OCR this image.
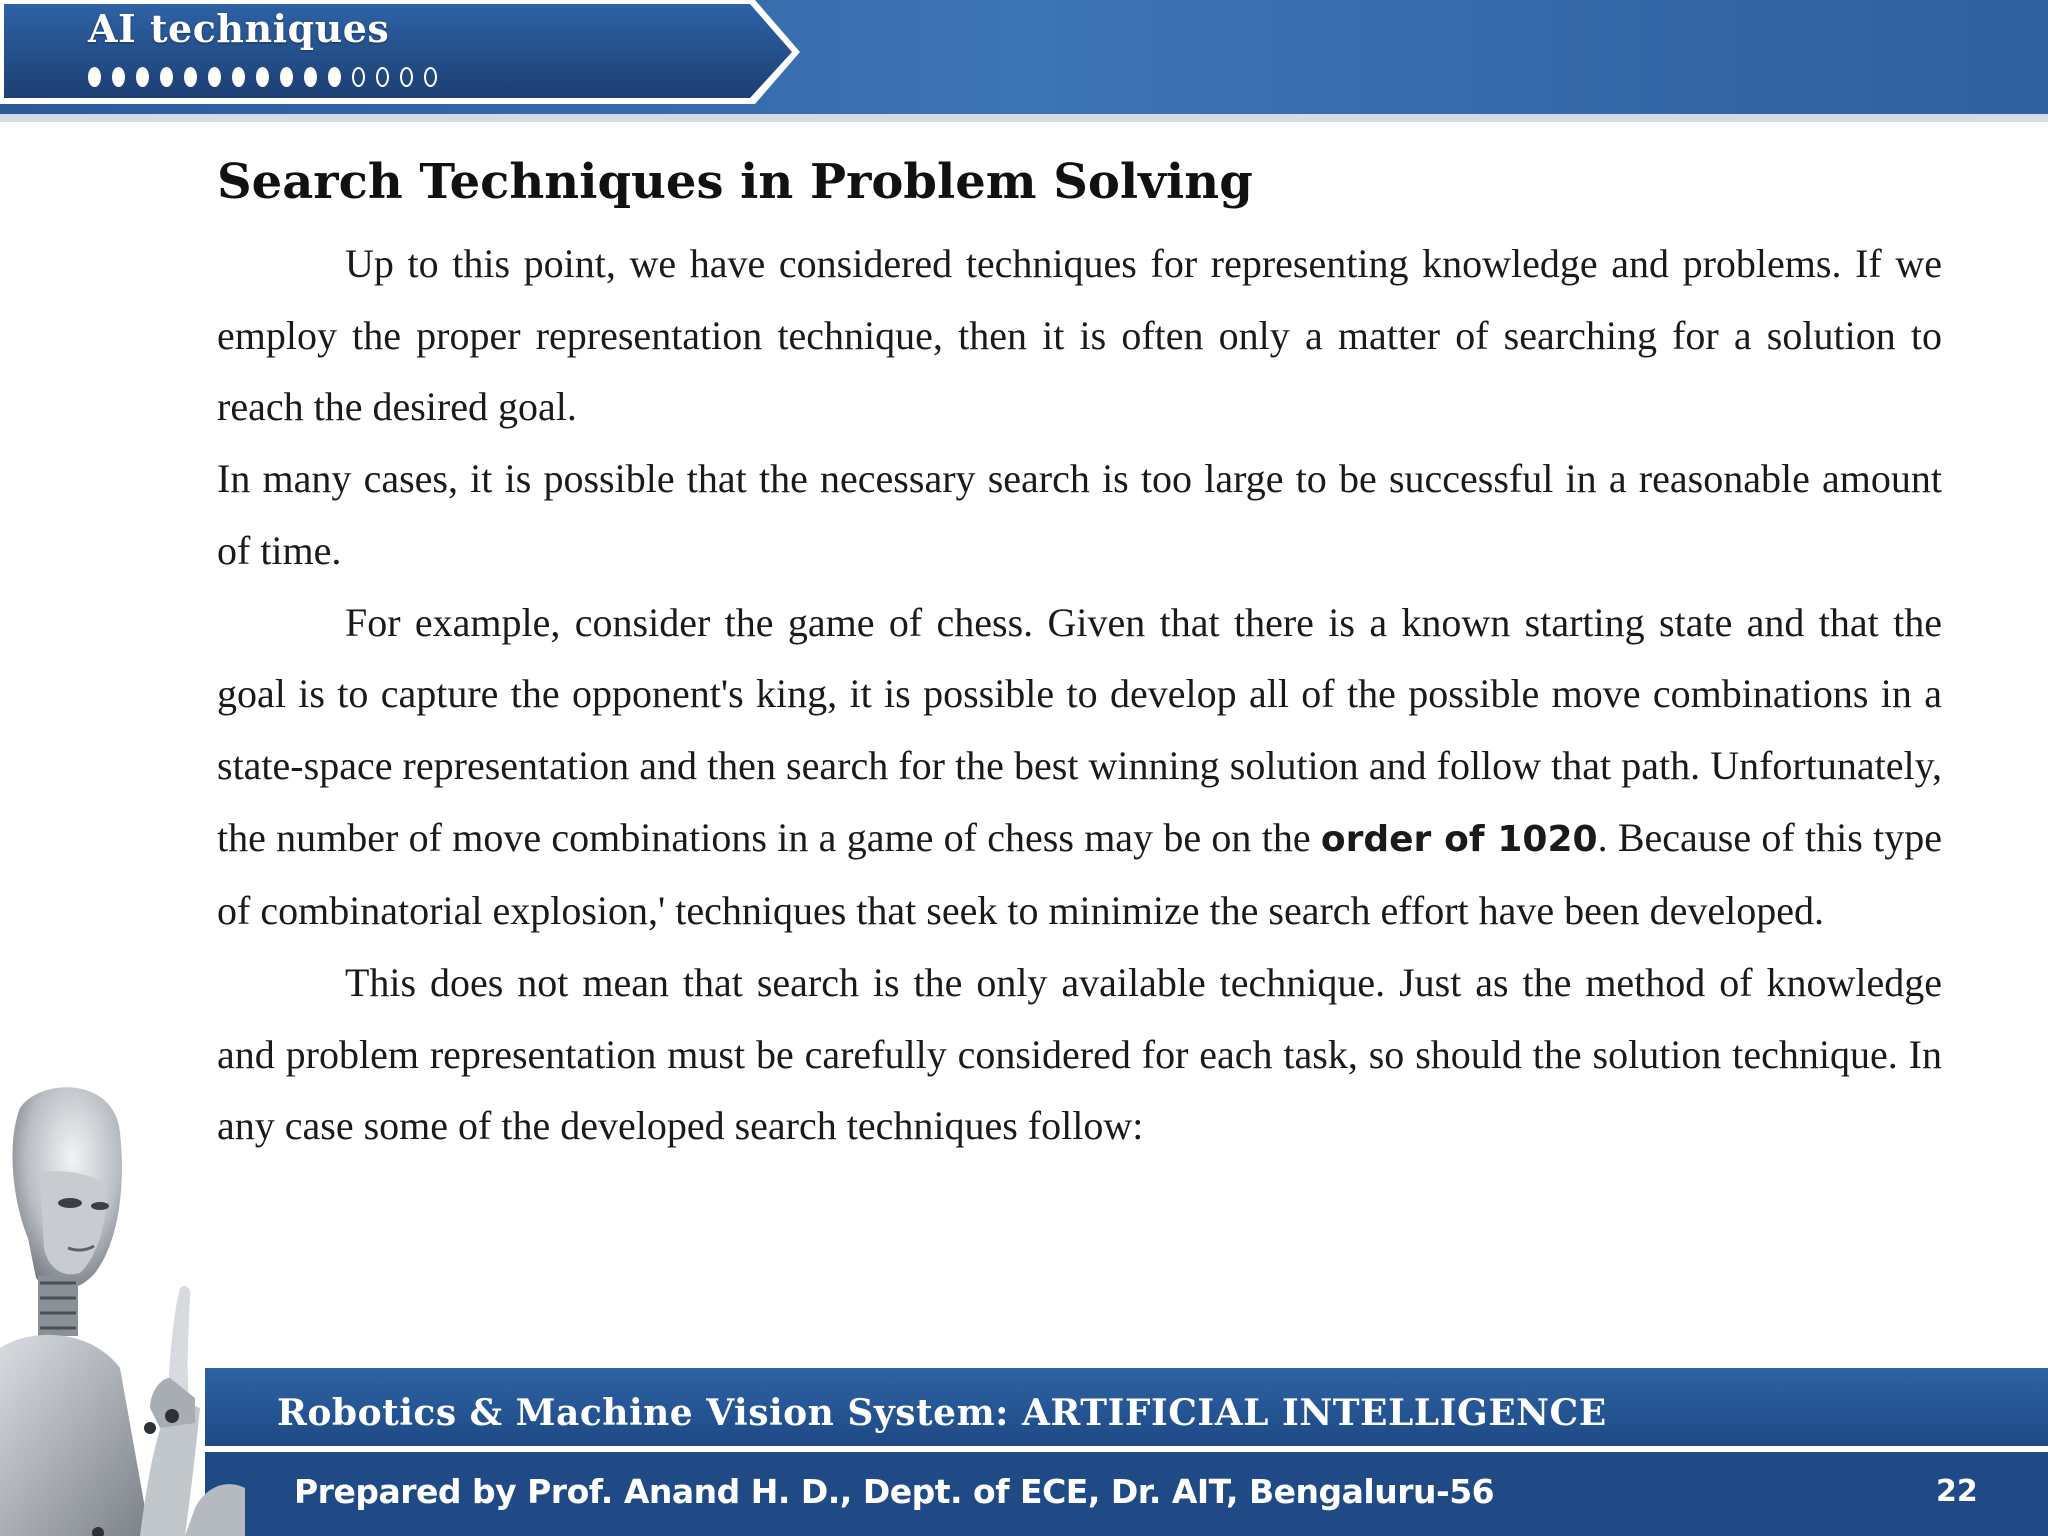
AI techniques
Search Techniques in Problem Solving

Up to this point, we have considered techniques for representing knowledge and problems. If we employ the proper representation technique, then it is often only a matter of searching for a solution to reach the desired goal.

In many cases, it is possible that the necessary search is too large to be successful in a reasonable amount of time.

For example, consider the game of chess. Given that there is a known starting state and that the goal is to capture the opponent's king, it is possible to develop all of the possible move combinations in a state-space representation and then search for the best winning solution and follow that path. Unfortunately, the number of move combinations in a game of chess may be on the order of 1020. Because of this type of combinatorial explosion,' techniques that seek to minimize the search effort have been developed.

This does not mean that search is the only available technique. Just as the method of knowledge and problem representation must be carefully considered for each task, so should the solution technique. In any case some of the developed search techniques follow:

Robotics & Machine Vision System: ARTIFICIAL INTELLIGENCE
Prepared by Prof. Anand H. D., Dept. of ECE, Dr. AIT, Bengaluru-56	22
